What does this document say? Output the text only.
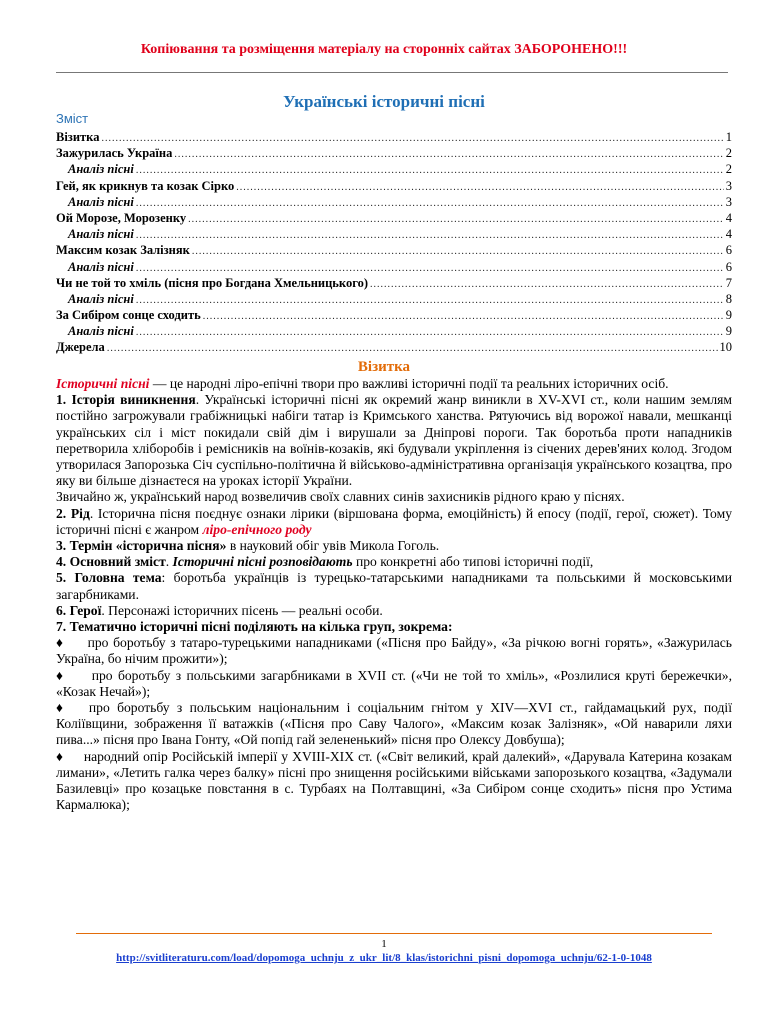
Копіювання та розміщення матеріалу на сторонніх сайтах ЗАБОРОНЕНО!!!
Українські історичні пісні
Зміст
Візитка .....	1
Зажурилась Україна .....	2
Аналіз пісні .....	2
Гей, як крикнув та козак Сірко .....	3
Аналіз пісні .....	3
Ой Морозе, Морозенку .....	4
Аналіз пісні .....	4
Максим козак Залізняк .....	6
Аналіз пісні .....	6
Чи не той то хміль (пісня про Богдана Хмельницького) .....	7
Аналіз пісні .....	8
За Сибіром сонце сходить .....	9
Аналіз пісні .....	9
Джерела .....	10
Візитка

Історичні пісні — це народні ліро-епічні твори про важливі історичні події та реальних історичних осіб.

1. Історія виникнення. Українські історичні пісні як окремий жанр виникли в XV-XVI ст., коли нашим землям постійно загрожували грабіжницькі набіги татар із Кримського ханства. Рятуючись від ворожої навали, мешканці українських сіл і міст покидали свій дім і вирушали за Дніпрові пороги. Так боротьба проти нападників перетворила хліборобів і ремісників на воїнів-козаків, які будували укріплення із січених дерев'яних колод. Згодом утворилася Запорозька Січ суспільно-політична й військово-адміністративна організація українського козацтва, про яку ви більше дізнаєтеся на уроках історії України.

Звичайно ж, український народ возвеличив своїх славних синів захисників рідного краю у піснях.

2. Рід. Історична пісня поєднує ознаки лірики (віршована форма, емоційність) й епосу (події, герої, сюжет). Тому історичні пісні є жанром ліро-епічного роду

3. Термін «історична пісня» в науковий обіг увів Микола Гоголь.

4. Основний зміст. Історичні пісні розповідають про конкретні або типові історичні події,

5. Головна тема: боротьба українців із турецько-татарськими нападниками та польськими й московськими загарбниками.

6. Герої. Персонажі історичних пісень — реальні особи.

7. Тематично історичні пісні поділяють на кілька груп, зокрема:

♦ про боротьбу з татаро-турецькими нападниками («Пісня про Байду», «За річкою вогні горять», «Зажурилась Україна, бо нічим прожити»);

♦ про боротьбу з польськими загарбниками в XVII ст. («Чи не той то хміль», «Розлилися круті бережечки», «Козак Нечай»);

♦ про боротьбу з польським національним і соціальним гнітом у XIV—XVI ст., гайдамацький рух, події Коліївщини, зображення її ватажків («Пісня про Саву Чалого», «Максим козак Залізняк», «Ой наварили ляхи пива...» пісня про Івана Гонту, «Ой попід гай зелененький» пісня про Олексу Довбуша);

♦ народний опір Російській імперії у XVIII-XIX ст. («Світ великий, край далекий», «Дарувала Катерина козакам лимани», «Летить галка через балку» пісні про знищення російськими військами запорозького козацтва, «Задумали Базилевці» про козацьке повстання в с. Турбаях на Полтавщині, «За Сибіром сонце сходить» пісня про Устима Кармалюка);

1
http://svitliteraturu.com/load/dopomoga_uchnju_z_ukr_lit/8_klas/istorichni_pisni_dopomoga_uchnju/62-1-0-1048
